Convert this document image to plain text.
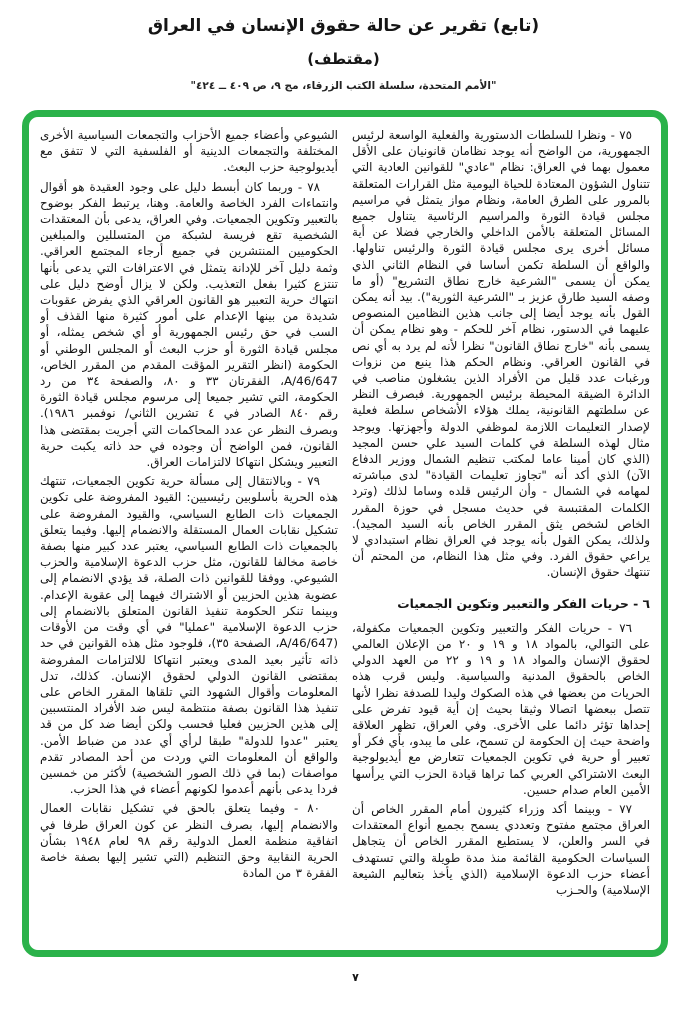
(تابع) تقرير عن حالة حقوق الإنسان في العراق
(مقتطف)
"الأمم المتحدة، سلسلة الكتب الزرقاء، مج ٩، ص ٤٠٩ ــ ٤٢٤"

٧٥ - ونظرا للسلطات الدستورية والفعلية الواسعة لرئيس الجمهورية، من الواضح أنه يوجد نظامان قانونيان على الأقل معمول بهما في العراق: نظام "عادي" للقوانين العادية التي تتناول الشؤون المعتادة للحياة اليومية مثل القرارات المتعلقة بالمرور على الطرق العامة، ونظام مواز يتمثل في مراسيم مجلس قيادة الثورة والمراسيم الرئاسية يتناول جميع المسائل المتعلقة بالأمن الداخلي والخارجي فضلا عن أية مسائل أخرى يرى مجلس قيادة الثورة والرئيس تناولها. والواقع أن السلطة تكمن أساسا في النظام الثاني الذي يمكن أن يسمى "الشرعية خارج نطاق التشريع" (أو ما وصفه السيد طارق عزيز بـ "الشرعية الثورية"). بيد أنه يمكن القول بأنه يوجد أيضا إلى جانب هذين النظامين المنصوص عليهما في الدستور، نظام آخر للحكم - وهو نظام يمكن أن يسمى بأنه "خارج نطاق القانون" نظرا لأنه لم يرد به أي نص في القانون العراقي. ونظام الحكم هذا ينبع من نزوات ورغبات عدد قليل من الأفراد الذين يشغلون مناصب في الدائرة الضيقة المحيطة برئيس الجمهورية. فبصرف النظر عن سلطتهم القانونية، يملك هؤلاء الأشخاص سلطة فعلية لإصدار التعليمات اللازمة لموظفي الدولة وأجهزتها. ويوجد مثال لهذه السلطة في كلمات السيد علي حسن المجيد (الذي كان أمينا عاما لمكتب تنظيم الشمال ووزير الدفاع الآن) الذي أكد أنه "تجاوز تعليمات القيادة" لدى مباشرته لمهامه في الشمال - وأن الرئيس قلده وساما لذلك (وترد الكلمات المقتبسة في حديث مسجل في حوزة المقرر الخاص لشخص يثق المقرر الخاص بأنه السيد المجيد). ولذلك، يمكن القول بأنه يوجد في العراق نظام استبدادي لا يراعي حقوق الفرد. وفي مثل هذا النظام، من المحتم أن تنتهك حقوق الإنسان.

٦ - حريات الفكر والتعبير وتكوين الجمعيات

٧٦ - حريات الفكر والتعبير وتكوين الجمعيات مكفولة، على التوالي، بالمواد ١٨ و ١٩ و ٢٠ من الإعلان العالمي لحقوق الإنسان والمواد ١٨ و ١٩ و ٢٢ من العهد الدولي الخاص بالحقوق المدنية والسياسية. وليس قرب هذه الحريات من بعضها في هذه الصكوك وليدا للصدفة نظرا لأنها تتصل ببعضها اتصالا وثيقا بحيث إن أية قيود تفرض على إحداها تؤثر دائما على الأخرى. وفي العراق، تظهر العلاقة واضحة حيث إن الحكومة لن تسمح، على ما يبدو، بأي فكر أو تعبير أو حرية في تكوين الجمعيات تتعارض مع أيديولوجية البعث الاشتراكي العربي كما تراها قيادة الحزب التي يرأسها الأمين العام صدام حسين.

٧٧ - وبينما أكد وزراء كثيرون أمام المقرر الخاص أن العراق مجتمع مفتوح وتعددي يسمح بجميع أنواع المعتقدات في السر والعلن، لا يستطيع المقرر الخاص أن يتجاهل السياسات الحكومية القائمة منذ مدة طويلة والتي تستهدف أعضاء حزب الدعوة الإسلامية (الذي يأخذ بتعاليم الشيعة الإسلامية) والحـزب

الشيوعي وأعضاء جميع الأحزاب والتجمعات السياسية الأخرى المختلفة والتجمعات الدينية أو الفلسفية التي لا تتفق مع أيديولوجية حزب البعث.

٧٨ - وربما كان أبسط دليل على وجود العقيدة هو أقوال وانتماءات الفرد الخاصة والعامة. وهنا، يرتبط الفكر بوضوح بالتعبير وتكوين الجمعيات. وفي العراق، يدعى بأن المعتقدات الشخصية تقع فريسة لشبكة من المتسللين والمبلغين الحكوميين المنتشرين في جميع أرجاء المجتمع العراقي. وثمة دليل آخر للإدانة يتمثل في الاعترافات التي يدعى بأنها تنتزع كثيرا بفعل التعذيب. ولكن لا يزال أوضح دليل على انتهاك حرية التعبير هو القانون العراقي الذي يفرض عقوبات شديدة من بينها الإعدام على أمور كثيرة منها القذف أو السب في حق رئيس الجمهورية أو أي شخص يمثله، أو مجلس قيادة الثورة أو حزب البعث أو المجلس الوطني أو الحكومة (انظر التقرير المؤقت المقدم من المقرر الخاص، A/46/647، الفقرتان ٣٣ و ٨٠، والصفحة ٣٤ من رد الحكومة، التي تشير جميعا إلى مرسوم مجلس قيادة الثورة رقم ٨٤٠ الصادر في ٤ تشرين الثاني/ نوفمبر ١٩٨٦). وبصرف النظر عن عدد المحاكمات التي أجريت بمقتضى هذا القانون، فمن الواضح أن وجوده في حد ذاته يكبت حرية التعبير ويشكل انتهاكا لالتزامات العراق.

٧٩ - وبالانتقال إلى مسألة حرية تكوين الجمعيات، تنتهك هذه الحرية بأسلوبين رئيسيين: القيود المفروضة على تكوين الجمعيات ذات الطابع السياسي، والقيود المفروضة على تشكيل نقابات العمال المستقلة والانضمام إليها. وفيما يتعلق بالجمعيات ذات الطابع السياسي، يعتبر عدد كبير منها بصفة خاصة مخالفا للقانون، مثل حزب الدعوة الإسلامية والحزب الشيوعي. ووفقا للقوانين ذات الصلة، قد يؤدي الانضمام إلى عضوية هذين الحزبين أو الاشتراك فيهما إلى عقوبة الإعدام. وبينما تنكر الحكومة تنفيذ القانون المتعلق بالانضمام إلى حزب الدعوة الإسلامية "عمليا" في أي وقت من الأوقات (A/46/647، الصفحة ٣٥)، فلوجود مثل هذه القوانين في حد ذاته تأثير بعيد المدى ويعتبر انتهاكا للالتزامات المفروضة بمقتضى القانون الدولي لحقوق الإنسان. كذلك، تدل المعلومات وأقوال الشهود التي تلقاها المقرر الخاص على تنفيذ هذا القانون بصفة منتظمة ليس ضد الأفراد المنتسبين إلى هذين الحزبين فعليا فحسب ولكن أيضا ضد كل من قد يعتبر "عدوا للدولة" طبقا لرأي أي عدد من ضباط الأمن. والواقع أن المعلومات التي وردت من أحد المصادر تقدم مواصفات (بما في ذلك الصور الشخصية) لأكثر من خمسين فردا يدعى بأنهم أعدموا لكونهم أعضاء في هذا الحزب.

٨٠ - وفيما يتعلق بالحق في تشكيل نقابات العمال والانضمام إليها، بصرف النظر عن كون العراق طرفا في اتفاقية منظمة العمل الدولية رقم ٩٨ لعام ١٩٤٨ بشأن الحرية النقابية وحق التنظيم (التي تشير إليها بصفة خاصة الفقرة ٣ من المادة

٧
